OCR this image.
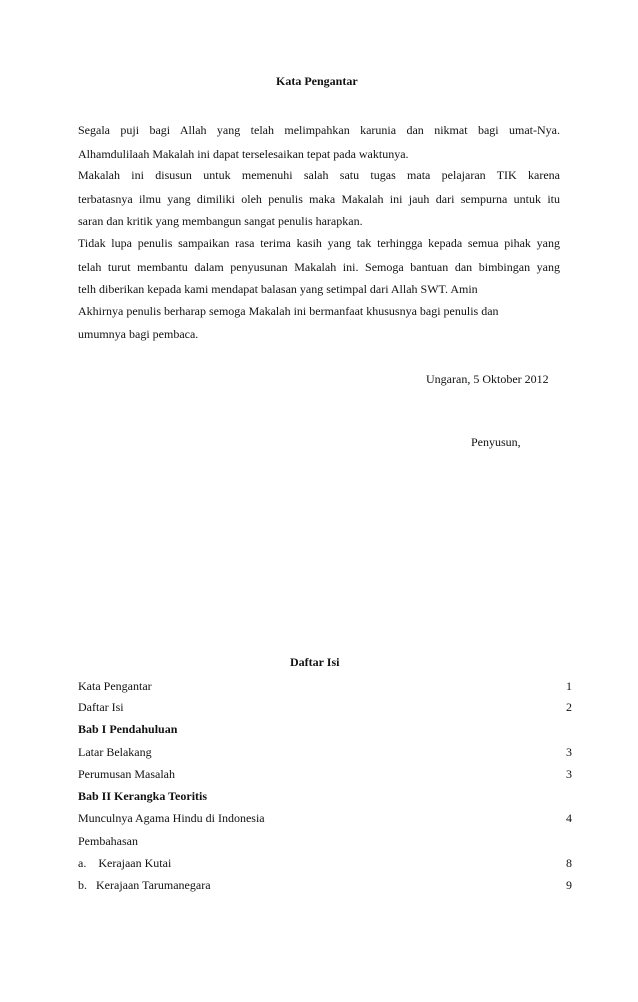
Kata Pengantar
Segala puji bagi Allah yang telah melimpahkan karunia dan nikmat bagi umat-Nya.
Alhamdulilaah Makalah ini dapat terselesaikan tepat pada waktunya.
Makalah ini disusun untuk memenuhi salah satu tugas mata pelajaran TIK karena
terbatasnya ilmu yang dimiliki oleh penulis maka Makalah ini jauh dari sempurna untuk itu
saran dan kritik yang membangun sangat penulis harapkan.
Tidak lupa penulis sampaikan rasa terima kasih yang tak terhingga kepada semua pihak yang
telah turut membantu dalam penyusunan Makalah ini. Semoga bantuan dan bimbingan yang
telh diberikan kepada kami mendapat balasan yang setimpal dari Allah SWT. Amin
Akhirnya penulis berharap semoga Makalah ini bermanfaat khususnya bagi penulis dan
umumnya bagi pembaca.
Ungaran, 5 Oktober 2012
Penyusun,
Daftar Isi
Kata Pengantar	1
Daftar Isi	2
Bab I Pendahuluan
Latar Belakang	3
Perumusan Masalah	3
Bab II Kerangka Teoritis
Munculnya Agama Hindu di Indonesia	4
Pembahasan
a.    Kerajaan Kutai	8
b.   Kerajaan Tarumanegara	9
